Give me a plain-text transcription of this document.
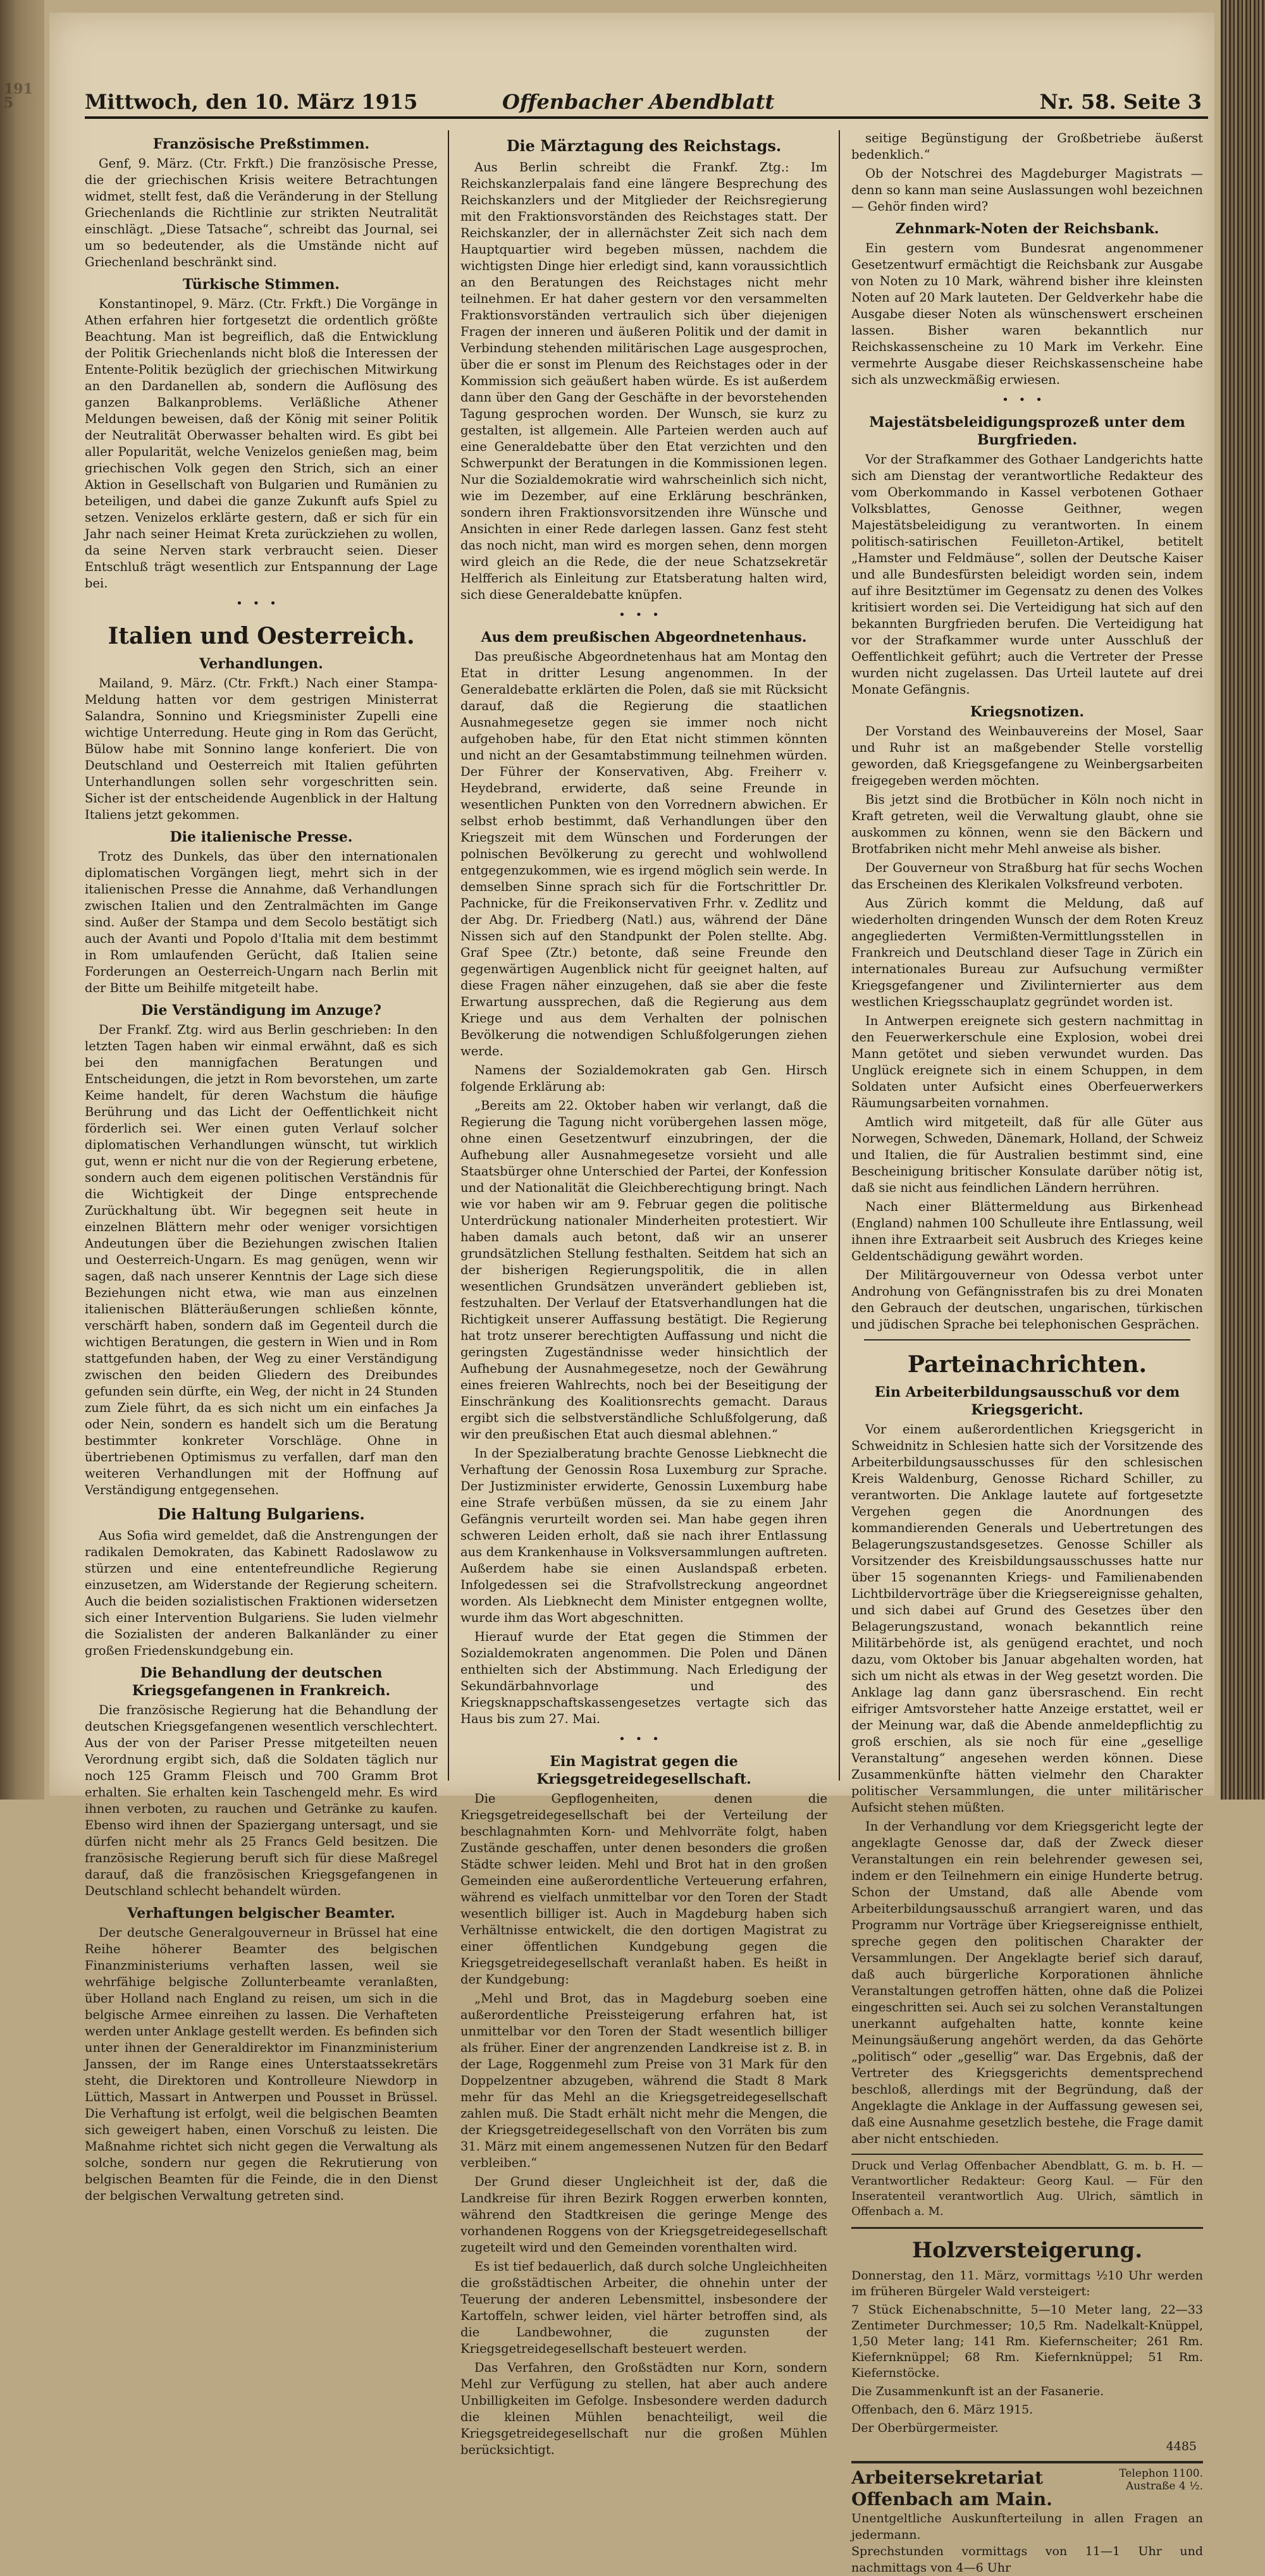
1915	Mittwoch, den 10. März 1915	Offenbacher Abendblatt	Nr. 58. Seite 3
Französische Preßstimmen.

Genf, 9. März. (Ctr. Frkft.) Die französische Presse, die der griechischen Krisis weitere Betrachtungen widmet, stellt fest, daß die Veränderung in der Stellung Griechenlands die Richtlinie zur strikten Neutralität einschlägt. „Diese Tatsache“, schreibt das Journal, sei um so bedeutender, als die Umstände nicht auf Griechenland beschränkt sind.

Türkische Stimmen.

Konstantinopel, 9. März. (Ctr. Frkft.) Die Vorgänge in Athen erfahren hier fortgesetzt die ordentlich größte Beachtung. Man ist begreiflich, daß die Entwicklung der Politik Griechenlands nicht bloß die Interessen der Entente-Politik bezüglich der griechischen Mitwirkung an den Dardanellen ab, sondern die Auflösung des ganzen Balkanproblems. Verläßliche Athener Meldungen beweisen, daß der König mit seiner Politik der Neutralität Oberwasser behalten wird. Es gibt bei aller Popularität, welche Venizelos genießen mag, beim griechischen Volk gegen den Strich, sich an einer Aktion in Gesellschaft von Bulgarien und Rumänien zu beteiligen, und dabei die ganze Zukunft aufs Spiel zu setzen. Venizelos erklärte gestern, daß er sich für ein Jahr nach seiner Heimat Kreta zurückziehen zu wollen, da seine Nerven stark verbraucht seien. Dieser Entschluß trägt wesentlich zur Entspannung der Lage bei.

•••
Italien und Oesterreich.
Verhandlungen.

Mailand, 9. März. (Ctr. Frkft.) Nach einer Stampa-Meldung hatten vor dem gestrigen Ministerrat Salandra, Sonnino und Kriegsminister Zupelli eine wichtige Unterredung. Heute ging in Rom das Gerücht, Bülow habe mit Sonnino lange konferiert. Die von Deutschland und Oesterreich mit Italien geführten Unterhandlungen sollen sehr vorgeschritten sein. Sicher ist der entscheidende Augenblick in der Haltung Italiens jetzt gekommen.

Die italienische Presse.

Trotz des Dunkels, das über den internationalen diplomatischen Vorgängen liegt, mehrt sich in der italienischen Presse die Annahme, daß Verhandlungen zwischen Italien und den Zentralmächten im Gange sind. Außer der Stampa und dem Secolo bestätigt sich auch der Avanti und Popolo d'Italia mit dem bestimmt in Rom umlaufenden Gerücht, daß Italien seine Forderungen an Oesterreich-Ungarn nach Berlin mit der Bitte um Beihilfe mitgeteilt habe.

Die Verständigung im Anzuge?

Der Frankf. Ztg. wird aus Berlin geschrieben: In den letzten Tagen haben wir einmal erwähnt, daß es sich bei den mannigfachen Beratungen und Entscheidungen, die jetzt in Rom bevorstehen, um zarte Keime handelt, für deren Wachstum die häufige Berührung und das Licht der Oeffentlichkeit nicht förderlich sei. Wer einen guten Verlauf solcher diplomatischen Verhandlungen wünscht, tut wirklich gut, wenn er nicht nur die von der Regierung erbetene, sondern auch dem eigenen politischen Verständnis für die Wichtigkeit der Dinge entsprechende Zurückhaltung übt. Wir begegnen seit heute in einzelnen Blättern mehr oder weniger vorsichtigen Andeutungen über die Beziehungen zwischen Italien und Oesterreich-Ungarn. Es mag genügen, wenn wir sagen, daß nach unserer Kenntnis der Lage sich diese Beziehungen nicht etwa, wie man aus einzelnen italienischen Blätteräußerungen schließen könnte, verschärft haben, sondern daß im Gegenteil durch die wichtigen Beratungen, die gestern in Wien und in Rom stattgefunden haben, der Weg zu einer Verständigung zwischen den beiden Gliedern des Dreibundes gefunden sein dürfte, ein Weg, der nicht in 24 Stunden zum Ziele führt, da es sich nicht um ein einfaches Ja oder Nein, sondern es handelt sich um die Beratung bestimmter konkreter Vorschläge. Ohne in übertriebenen Optimismus zu verfallen, darf man den weiteren Verhandlungen mit der Hoffnung auf Verständigung entgegensehen.

Die Haltung Bulgariens.

Aus Sofia wird gemeldet, daß die Anstrengungen der radikalen Demokraten, das Kabinett Radoslawow zu stürzen und eine ententefreundliche Regierung einzusetzen, am Widerstande der Regierung scheitern. Auch die beiden sozialistischen Fraktionen widersetzen sich einer Intervention Bulgariens. Sie luden vielmehr die Sozialisten der anderen Balkanländer zu einer großen Friedenskundgebung ein.

Die Behandlung der deutschen Kriegsgefangenen in Frankreich.

Die französische Regierung hat die Behandlung der deutschen Kriegsgefangenen wesentlich verschlechtert. Aus der von der Pariser Presse mitgeteilten neuen Verordnung ergibt sich, daß die Soldaten täglich nur noch 125 Gramm Fleisch und 700 Gramm Brot erhalten. Sie erhalten kein Taschengeld mehr. Es wird ihnen verboten, zu rauchen und Getränke zu kaufen. Ebenso wird ihnen der Spaziergang untersagt, und sie dürfen nicht mehr als 25 Francs Geld besitzen. Die französische Regierung beruft sich für diese Maßregel darauf, daß die französischen Kriegsgefangenen in Deutschland schlecht behandelt würden.

Verhaftungen belgischer Beamter.

Der deutsche Generalgouverneur in Brüssel hat eine Reihe höherer Beamter des belgischen Finanzministeriums verhaften lassen, weil sie wehrfähige belgische Zollunterbeamte veranlaßten, über Holland nach England zu reisen, um sich in die belgische Armee einreihen zu lassen. Die Verhafteten werden unter Anklage gestellt werden. Es befinden sich unter ihnen der Generaldirektor im Finanzministerium Janssen, der im Range eines Unterstaatssekretärs steht, die Direktoren und Kontrolleure Niewdorp in Lüttich, Massart in Antwerpen und Pousset in Brüssel. Die Verhaftung ist erfolgt, weil die belgischen Beamten sich geweigert haben, einen Vorschuß zu leisten. Die Maßnahme richtet sich nicht gegen die Verwaltung als solche, sondern nur gegen die Rekrutierung von belgischen Beamten für die Feinde, die in den Dienst der belgischen Verwaltung getreten sind.

Die Märztagung des Reichstags.

Aus Berlin schreibt die Frankf. Ztg.: Im Reichskanzlerpalais fand eine längere Besprechung des Reichskanzlers und der Mitglieder der Reichsregierung mit den Fraktionsvorständen des Reichstages statt. Der Reichskanzler, der in allernächster Zeit sich nach dem Hauptquartier wird begeben müssen, nachdem die wichtigsten Dinge hier erledigt sind, kann voraussichtlich an den Beratungen des Reichstages nicht mehr teilnehmen. Er hat daher gestern vor den versammelten Fraktionsvorständen vertraulich sich über diejenigen Fragen der inneren und äußeren Politik und der damit in Verbindung stehenden militärischen Lage ausgesprochen, über die er sonst im Plenum des Reichstages oder in der Kommission sich geäußert haben würde. Es ist außerdem dann über den Gang der Geschäfte in der bevorstehenden Tagung gesprochen worden. Der Wunsch, sie kurz zu gestalten, ist allgemein. Alle Parteien werden auch auf eine Generaldebatte über den Etat verzichten und den Schwerpunkt der Beratungen in die Kommissionen legen. Nur die Sozialdemokratie wird wahrscheinlich sich nicht, wie im Dezember, auf eine Erklärung beschränken, sondern ihren Fraktionsvorsitzenden ihre Wünsche und Ansichten in einer Rede darlegen lassen. Ganz fest steht das noch nicht, man wird es morgen sehen, denn morgen wird gleich an die Rede, die der neue Schatzsekretär Helfferich als Einleitung zur Etatsberatung halten wird, sich diese Generaldebatte knüpfen.

•••
Aus dem preußischen Abgeordnetenhaus.

Das preußische Abgeordnetenhaus hat am Montag den Etat in dritter Lesung angenommen. In der Generaldebatte erklärten die Polen, daß sie mit Rücksicht darauf, daß die Regierung die staatlichen Ausnahmegesetze gegen sie immer noch nicht aufgehoben habe, für den Etat nicht stimmen könnten und nicht an der Gesamtabstimmung teilnehmen würden. Der Führer der Konservativen, Abg. Freiherr v. Heydebrand, erwiderte, daß seine Freunde in wesentlichen Punkten von den Vorrednern abwichen. Er selbst erhob bestimmt, daß Verhandlungen über den Kriegszeit mit dem Wünschen und Forderungen der polnischen Bevölkerung zu gerecht und wohlwollend entgegenzukommen, wie es irgend möglich sein werde. In demselben Sinne sprach sich für die Fortschrittler Dr. Pachnicke, für die Freikonservativen Frhr. v. Zedlitz und der Abg. Dr. Friedberg (Natl.) aus, während der Däne Nissen sich auf den Standpunkt der Polen stellte. Abg. Graf Spee (Ztr.) betonte, daß seine Freunde den gegenwärtigen Augenblick nicht für geeignet halten, auf diese Fragen näher einzugehen, daß sie aber die feste Erwartung aussprechen, daß die Regierung aus dem Kriege und aus dem Verhalten der polnischen Bevölkerung die notwendigen Schlußfolgerungen ziehen werde.

Namens der Sozialdemokraten gab Gen. Hirsch folgende Erklärung ab:

„Bereits am 22. Oktober haben wir verlangt, daß die Regierung die Tagung nicht vorübergehen lassen möge, ohne einen Gesetzentwurf einzubringen, der die Aufhebung aller Ausnahmegesetze vorsieht und alle Staatsbürger ohne Unterschied der Partei, der Konfession und der Nationalität die Gleichberechtigung bringt. Nach wie vor haben wir am 9. Februar gegen die politische Unterdrückung nationaler Minderheiten protestiert. Wir haben damals auch betont, daß wir an unserer grundsätzlichen Stellung festhalten. Seitdem hat sich an der bisherigen Regierungspolitik, die in allen wesentlichen Grundsätzen unverändert geblieben ist, festzuhalten. Der Verlauf der Etatsverhandlungen hat die Richtigkeit unserer Auffassung bestätigt. Die Regierung hat trotz unserer berechtigten Auffassung und nicht die geringsten Zugeständnisse weder hinsichtlich der Aufhebung der Ausnahmegesetze, noch der Gewährung eines freieren Wahlrechts, noch bei der Beseitigung der Einschränkung des Koalitionsrechts gemacht. Daraus ergibt sich die selbstverständliche Schlußfolgerung, daß wir den preußischen Etat auch diesmal ablehnen.“

In der Spezialberatung brachte Genosse Liebknecht die Verhaftung der Genossin Rosa Luxemburg zur Sprache. Der Justizminister erwiderte, Genossin Luxemburg habe eine Strafe verbüßen müssen, da sie zu einem Jahr Gefängnis verurteilt worden sei. Man habe gegen ihren schweren Leiden erholt, daß sie nach ihrer Entlassung aus dem Krankenhause in Volksversammlungen auftreten. Außerdem habe sie einen Auslandspaß erbeten. Infolgedessen sei die Strafvollstreckung angeordnet worden. Als Liebknecht dem Minister entgegnen wollte, wurde ihm das Wort abgeschnitten.

Hierauf wurde der Etat gegen die Stimmen der Sozialdemokraten angenommen. Die Polen und Dänen enthielten sich der Abstimmung. Nach Erledigung der Sekundärbahnvorlage und des Kriegsknappschaftskassengesetzes vertagte sich das Haus bis zum 27. Mai.

•••
Ein Magistrat gegen die Kriegsgetreidegesellschaft.

Die Gepflogenheiten, denen die Kriegsgetreidegesellschaft bei der Verteilung der beschlagnahmten Korn- und Mehlvorräte folgt, haben Zustände geschaffen, unter denen besonders die großen Städte schwer leiden. Mehl und Brot hat in den großen Gemeinden eine außerordentliche Verteuerung erfahren, während es vielfach unmittelbar vor den Toren der Stadt wesentlich billiger ist. Auch in Magdeburg haben sich Verhältnisse entwickelt, die den dortigen Magistrat zu einer öffentlichen Kundgebung gegen die Kriegsgetreidegesellschaft veranlaßt haben. Es heißt in der Kundgebung:

„Mehl und Brot, das in Magdeburg soeben eine außerordentliche Preissteigerung erfahren hat, ist unmittelbar vor den Toren der Stadt wesentlich billiger als früher. Einer der angrenzenden Landkreise ist z. B. in der Lage, Roggenmehl zum Preise von 31 Mark für den Doppelzentner abzugeben, während die Stadt 8 Mark mehr für das Mehl an die Kriegsgetreidegesellschaft zahlen muß. Die Stadt erhält nicht mehr die Mengen, die der Kriegsgetreidegesellschaft von den Vorräten bis zum 31. März mit einem angemessenen Nutzen für den Bedarf verbleiben.“

Der Grund dieser Ungleichheit ist der, daß die Landkreise für ihren Bezirk Roggen erwerben konnten, während den Stadtkreisen die geringe Menge des vorhandenen Roggens von der Kriegsgetreidegesellschaft zugeteilt wird und den Gemeinden vorenthalten wird.

Es ist tief bedauerlich, daß durch solche Ungleichheiten die großstädtischen Arbeiter, die ohnehin unter der Teuerung der anderen Lebensmittel, insbesondere der Kartoffeln, schwer leiden, viel härter betroffen sind, als die Landbewohner, die zugunsten der Kriegsgetreidegesellschaft besteuert werden.

Das Verfahren, den Großstädten nur Korn, sondern Mehl zur Verfügung zu stellen, hat aber auch andere Unbilligkeiten im Gefolge. Insbesondere werden dadurch die kleinen Mühlen benachteiligt, weil die Kriegsgetreidegesellschaft nur die großen Mühlen berücksichtigt.

seitige Begünstigung der Großbetriebe äußerst bedenklich.“

Ob der Notschrei des Magdeburger Magistrats — denn so kann man seine Auslassungen wohl bezeichnen — Gehör finden wird?

Zehnmark-Noten der Reichsbank.

Ein gestern vom Bundesrat angenommener Gesetzentwurf ermächtigt die Reichsbank zur Ausgabe von Noten zu 10 Mark, während bisher ihre kleinsten Noten auf 20 Mark lauteten. Der Geldverkehr habe die Ausgabe dieser Noten als wünschenswert erscheinen lassen. Bisher waren bekanntlich nur Reichskassenscheine zu 10 Mark im Verkehr. Eine vermehrte Ausgabe dieser Reichskassenscheine habe sich als unzweckmäßig erwiesen.

•••
Majestätsbeleidigungsprozeß unter dem Burgfrieden.

Vor der Strafkammer des Gothaer Landgerichts hatte sich am Dienstag der verantwortliche Redakteur des vom Oberkommando in Kassel verbotenen Gothaer Volksblattes, Genosse Geithner, wegen Majestätsbeleidigung zu verantworten. In einem politisch-satirischen Feuilleton-Artikel, betitelt „Hamster und Feldmäuse“, sollen der Deutsche Kaiser und alle Bundesfürsten beleidigt worden sein, indem auf ihre Besitztümer im Gegensatz zu denen des Volkes kritisiert worden sei. Die Verteidigung hat sich auf den bekannten Burgfrieden berufen. Die Verteidigung hat vor der Strafkammer wurde unter Ausschluß der Oeffentlichkeit geführt; auch die Vertreter der Presse wurden nicht zugelassen. Das Urteil lautete auf drei Monate Gefängnis.

Kriegsnotizen.

Der Vorstand des Weinbauvereins der Mosel, Saar und Ruhr ist an maßgebender Stelle vorstellig geworden, daß Kriegsgefangene zu Weinbergsarbeiten freigegeben werden möchten.

Bis jetzt sind die Brotbücher in Köln noch nicht in Kraft getreten, weil die Verwaltung glaubt, ohne sie auskommen zu können, wenn sie den Bäckern und Brotfabriken nicht mehr Mehl anweise als bisher.

Der Gouverneur von Straßburg hat für sechs Wochen das Erscheinen des Klerikalen Volksfreund verboten.

Aus Zürich kommt die Meldung, daß auf wiederholten dringenden Wunsch der dem Roten Kreuz angegliederten Vermißten-Vermittlungsstellen in Frankreich und Deutschland dieser Tage in Zürich ein internationales Bureau zur Aufsuchung vermißter Kriegsgefangener und Zivilinternierter aus dem westlichen Kriegsschauplatz gegründet worden ist.

In Antwerpen ereignete sich gestern nachmittag in den Feuerwerkerschule eine Explosion, wobei drei Mann getötet und sieben verwundet wurden. Das Unglück ereignete sich in einem Schuppen, in dem Soldaten unter Aufsicht eines Oberfeuerwerkers Räumungsarbeiten vornahmen.

Amtlich wird mitgeteilt, daß für alle Güter aus Norwegen, Schweden, Dänemark, Holland, der Schweiz und Italien, die für Australien bestimmt sind, eine Bescheinigung britischer Konsulate darüber nötig ist, daß sie nicht aus feindlichen Ländern herrühren.

Nach einer Blättermeldung aus Birkenhead (England) nahmen 100 Schulleute ihre Entlassung, weil ihnen ihre Extraarbeit seit Ausbruch des Krieges keine Geldentschädigung gewährt worden.

Der Militärgouverneur von Odessa verbot unter Androhung von Gefängnisstrafen bis zu drei Monaten den Gebrauch der deutschen, ungarischen, türkischen und jüdischen Sprache bei telephonischen Gesprächen.

Parteinachrichten.
Ein Arbeiterbildungsausschuß vor dem Kriegsgericht.

Vor einem außerordentlichen Kriegsgericht in Schweidnitz in Schlesien hatte sich der Vorsitzende des Arbeiterbildungsausschusses für den schlesischen Kreis Waldenburg, Genosse Richard Schiller, zu verantworten. Die Anklage lautete auf fortgesetzte Vergehen gegen die Anordnungen des kommandierenden Generals und Uebertretungen des Belagerungszustandsgesetzes. Genosse Schiller als Vorsitzender des Kreisbildungsausschusses hatte nur über 15 sogenannten Kriegs- und Familienabenden Lichtbildervorträge über die Kriegsereignisse gehalten, und sich dabei auf Grund des Gesetzes über den Belagerungszustand, wonach bekanntlich reine Militärbehörde ist, als genügend erachtet, und noch dazu, vom Oktober bis Januar abgehalten worden, hat sich um nicht als etwas in der Weg gesetzt worden. Die Anklage lag dann ganz übersraschend. Ein recht eifriger Amtsvorsteher hatte Anzeige erstattet, weil er der Meinung war, daß die Abende anmeldepflichtig zu groß erschien, als sie noch für eine „gesellige Veranstaltung“ angesehen werden können. Diese Zusammenkünfte hätten vielmehr den Charakter politischer Versammlungen, die unter militärischer Aufsicht stehen müßten.

In der Verhandlung vor dem Kriegsgericht legte der angeklagte Genosse dar, daß der Zweck dieser Veranstaltungen ein rein belehrender gewesen sei, indem er den Teilnehmern ein einige Hunderte betrug. Schon der Umstand, daß alle Abende vom Arbeiterbildungsausschuß arrangiert waren, und das Programm nur Vorträge über Kriegsereignisse enthielt, spreche gegen den politischen Charakter der Versammlungen. Der Angeklagte berief sich darauf, daß auch bürgerliche Korporationen ähnliche Veranstaltungen getroffen hätten, ohne daß die Polizei eingeschritten sei. Auch sei zu solchen Veranstaltungen unerkannt aufgehalten hatte, konnte keine Meinungsäußerung angehört werden, da das Gehörte „politisch“ oder „gesellig“ war. Das Ergebnis, daß der Vertreter des Kriegsgerichts dementsprechend beschloß, allerdings mit der Begründung, daß der Angeklagte die Anklage in der Auffassung gewesen sei, daß eine Ausnahme gesetzlich bestehe, die Frage damit aber nicht entschieden.

Druck und Verlag Offenbacher Abendblatt, G. m. b. H. — Verantwortlicher Redakteur: Georg Kaul. — Für den Inseratenteil verantwortlich Aug. Ulrich, sämtlich in Offenbach a. M.

Holzversteigerung.

Donnerstag, den 11. März, vormittags ½10 Uhr werden im früheren Bürgeler Wald versteigert:

7 Stück Eichenabschnitte, 5—10 Meter lang, 22—33 Zentimeter Durchmesser; 10,5 Rm. Nadelkalt-Knüppel, 1,50 Meter lang; 141 Rm. Kiefernscheiter; 261 Rm. Kiefernknüppel; 68 Rm. Kiefernknüppel; 51 Rm. Kiefernstöcke.

Die Zusammenkunft ist an der Fasanerie.

Offenbach, den 6. März 1915.

Der Oberbürgermeister.

4485
Telephon 1100.
Austraße 4 ½.
Arbeitersekretariat Offenbach am Main.
Unentgeltliche Auskunfterteilung in allen Fragen an jedermann.
Sprechstunden vormittags von 11—1 Uhr und nachmittags von 4—6 Uhr
